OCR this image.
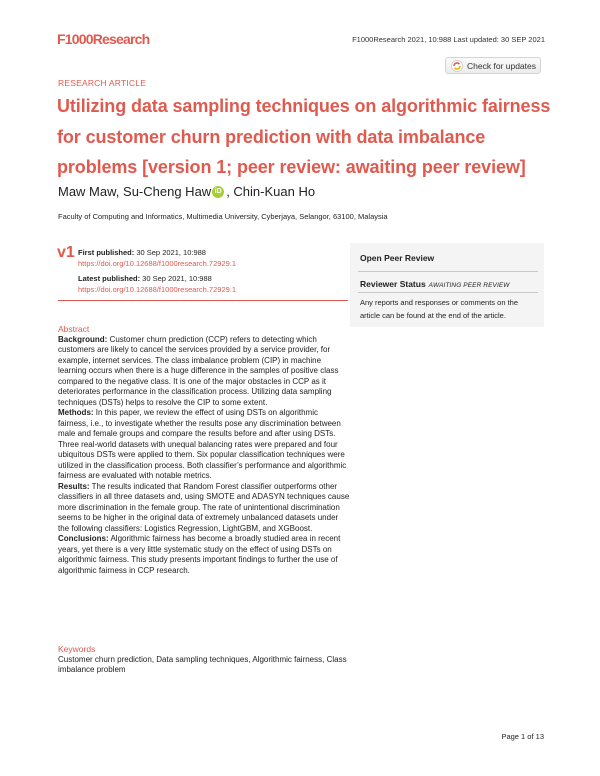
F1000Research	F1000Research 2021, 10:988 Last updated: 30 SEP 2021
Check for updates
RESEARCH ARTICLE
Utilizing data sampling techniques on algorithmic fairness for customer churn prediction with data imbalance problems [version 1; peer review: awaiting peer review]
Maw Maw,
Su-Cheng Haw iD , Chin-Kuan Ho
Faculty of Computing and Informatics, Multimedia University, Cyberjaya, Selangor, 63100, Malaysia
v1 First published: 30 Sep 2021, 10:988
https://doi.org/10.12688/f1000research.72929.1
Latest published: 30 Sep 2021, 10:988
https://doi.org/10.12688/f1000research.72929.1
Abstract

Background: Customer churn prediction (CCP) refers to detecting which customers are likely to cancel the services provided by a service provider, for example, internet services. The class imbalance problem (CIP) in machine learning occurs when there is a huge difference in the samples of positive class compared to the negative class. It is one of the major obstacles in CCP as it deteriorates performance in the classification process. Utilizing data sampling techniques (DSTs) helps to resolve the CIP to some extent.

Methods: In this paper, we review the effect of using DSTs on algorithmic fairness, i.e., to investigate whether the results pose any discrimination between male and female groups and compare the results before and after using DSTs. Three real-world datasets with unequal balancing rates were prepared and four ubiquitous DSTs were applied to them. Six popular classification techniques were utilized in the classification process. Both classifier’s performance and algorithmic fairness are evaluated with notable metrics.

Results: The results indicated that Random Forest classifier outperforms other classifiers in all three datasets and, using SMOTE and ADASYN techniques cause more discrimination in the female group. The rate of unintentional discrimination seems to be higher in the original data of extremely unbalanced datasets under the following classifiers: Logistics Regression, LightGBM, and XGBoost.

Conclusions: Algorithmic fairness has become a broadly studied area in recent years, yet there is a very little systematic study on the effect of using DSTs on algorithmic fairness. This study presents important findings to further the use of algorithmic fairness in CCP research.

Keywords
Customer churn prediction, Data sampling techniques, Algorithmic fairness, Class imbalance problem
Open Peer Review
Reviewer Status AWAITING PEER REVIEW
Any reports and responses or comments on the article can be found at the end of the article.
Page 1 of 13
